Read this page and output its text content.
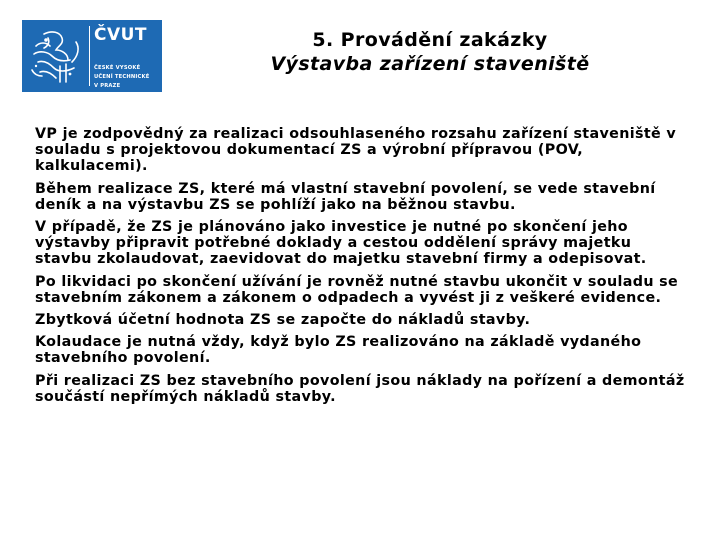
ČVUT
ČESKÉ VYSOKÉ
UČENÍ TECHNICKÉ
V PRAZE
5. Provádění zakázky
Výstavba zařízení staveniště

VP je zodpovědný za realizaci odsouhlaseného rozsahu zařízení staveniště v souladu s projektovou dokumentací ZS a výrobní přípravou (POV, kalkulacemi).

Během realizace ZS, které má vlastní stavební povolení, se vede stavební deník a na výstavbu ZS se pohlíží jako na běžnou stavbu.

V případě, že ZS je plánováno jako investice je nutné po skončení jeho výstavby připravit potřebné doklady a cestou oddělení správy majetku stavbu zkolaudovat, zaevidovat do majetku stavební firmy a odepisovat.

Po likvidaci po skončení užívání je rovněž nutné stavbu ukončit v souladu se stavebním zákonem a zákonem o odpadech a vyvést ji z veškeré evidence.

Zbytková účetní hodnota ZS se započte do nákladů stavby.

Kolaudace je nutná vždy, když bylo ZS realizováno na základě vydaného stavebního povolení.

Při realizaci ZS bez stavebního povolení jsou náklady na pořízení a demontáž součástí nepřímých nákladů stavby.
